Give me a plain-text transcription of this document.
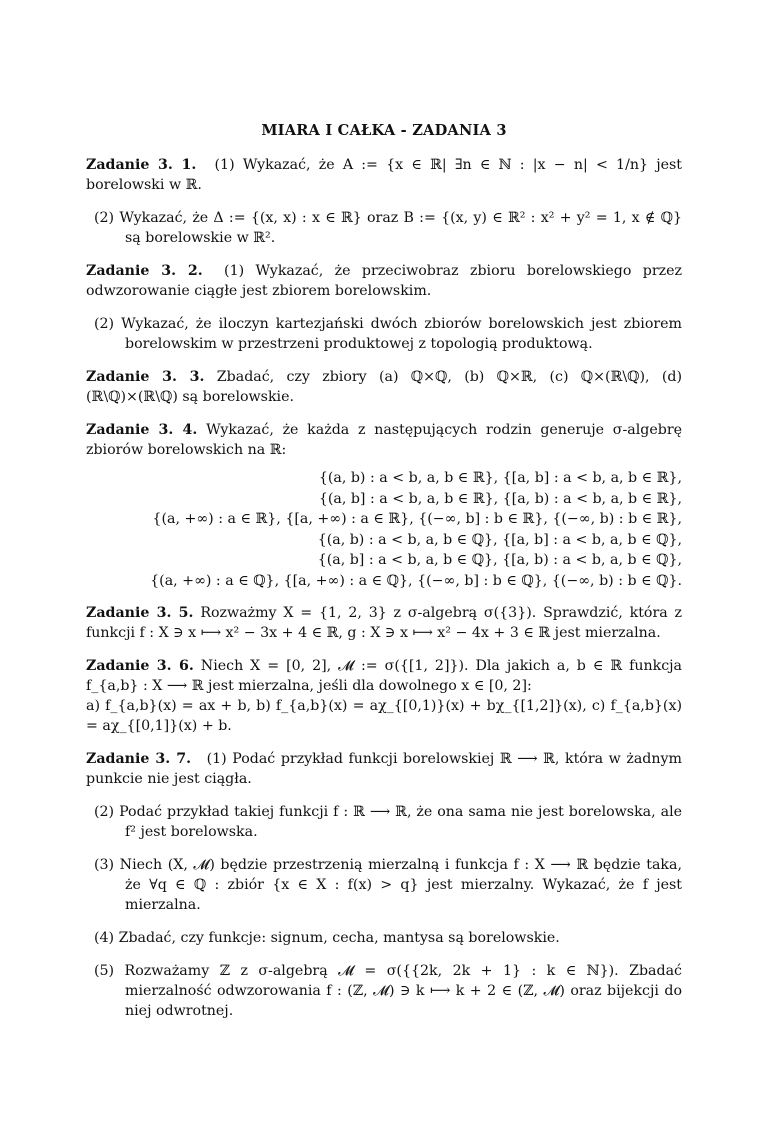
MIARA I CAŁKA - ZADANIA 3
Zadanie 3. 1. (1) Wykazać, że A := {x ∈ ℝ| ∃n ∈ ℕ : |x − n| < 1/n} jest borelowski w ℝ.
(2) Wykazać, że Δ := {(x, x) : x ∈ ℝ} oraz B := {(x, y) ∈ ℝ² : x² + y² = 1, x ∉ ℚ} są borelowskie w ℝ².
Zadanie 3. 2. (1) Wykazać, że przeciwobraz zbioru borelowskiego przez odwzorowanie ciągłe jest zbiorem borelowskim.
(2) Wykazać, że iloczyn kartezjański dwóch zbiorów borelowskich jest zbiorem borelowskim w przestrzeni produktowej z topologią produktową.
Zadanie 3. 3. Zbadać, czy zbiory (a) ℚ×ℚ, (b) ℚ×ℝ, (c) ℚ×(ℝ\ℚ), (d) (ℝ\ℚ)×(ℝ\ℚ) są borelowskie.
Zadanie 3. 4. Wykazać, że każda z następujących rodzin generuje σ-algebrę zbiorów borelowskich na ℝ:
{(a, b) : a < b, a, b ∈ ℝ}, {[a, b] : a < b, a, b ∈ ℝ},
{(a, b] : a < b, a, b ∈ ℝ}, {[a, b) : a < b, a, b ∈ ℝ},
{(a, +∞) : a ∈ ℝ}, {[a, +∞) : a ∈ ℝ}, {(−∞, b] : b ∈ ℝ}, {(−∞, b) : b ∈ ℝ},
{(a, b) : a < b, a, b ∈ ℚ}, {[a, b] : a < b, a, b ∈ ℚ},
{(a, b] : a < b, a, b ∈ ℚ}, {[a, b) : a < b, a, b ∈ ℚ},
{(a, +∞) : a ∈ ℚ}, {[a, +∞) : a ∈ ℚ}, {(−∞, b] : b ∈ ℚ}, {(−∞, b) : b ∈ ℚ}.
Zadanie 3. 5. Rozważmy X = {1, 2, 3} z σ-algebrą σ({3}). Sprawdzić, która z funkcji f : X ∋ x ⟼ x² − 3x + 4 ∈ ℝ, g : X ∋ x ⟼ x² − 4x + 3 ∈ ℝ jest mierzalna.
Zadanie 3. 6. Niech X = [0, 2], 𝓜 := σ({[1, 2]}). Dla jakich a, b ∈ ℝ funkcja f_{a,b} : X ⟶ ℝ jest mierzalna, jeśli dla dowolnego x ∈ [0, 2]:
a) f_{a,b}(x) = ax + b, b) f_{a,b}(x) = aχ_{[0,1)}(x) + bχ_{[1,2]}(x), c) f_{a,b}(x) = aχ_{[0,1]}(x) + b.
Zadanie 3. 7. (1) Podać przykład funkcji borelowskiej ℝ ⟶ ℝ, która w żadnym punkcie nie jest ciągła.
(2) Podać przykład takiej funkcji f : ℝ ⟶ ℝ, że ona sama nie jest borelowska, ale f² jest borelowska.
(3) Niech (X, 𝓜) będzie przestrzenią mierzalną i funkcja f : X ⟶ ℝ będzie taka, że ∀q ∈ ℚ : zbiór {x ∈ X : f(x) > q} jest mierzalny. Wykazać, że f jest mierzalna.
(4) Zbadać, czy funkcje: signum, cecha, mantysa są borelowskie.
(5) Rozważamy ℤ z σ-algebrą 𝓜 = σ({{2k, 2k + 1} : k ∈ ℕ}). Zbadać mierzalność odwzorowania f : (ℤ, 𝓜) ∋ k ⟼ k + 2 ∈ (ℤ, 𝓜) oraz bijekcji do niej odwrotnej.
